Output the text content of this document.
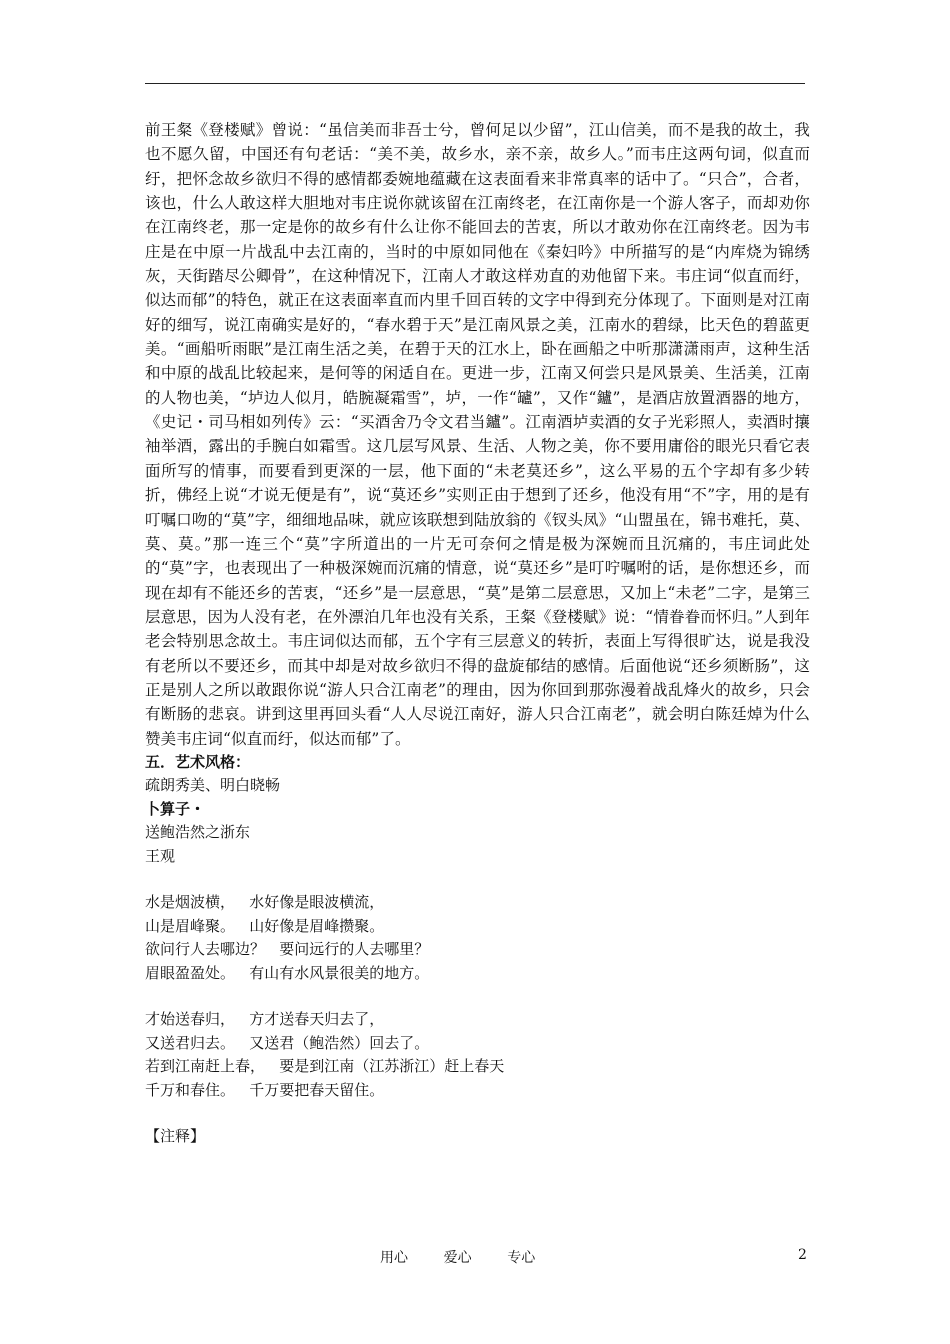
前王粲《登楼赋》曾说：“虽信美而非吾士兮，曾何足以少留”，江山信美，而不是我的故土，我也不愿久留，中国还有句老话：“美不美，故乡水，亲不亲，故乡人。”而韦庄这两句词，似直而纡，把怀念故乡欲归不得的感情都委婉地蕴藏在这表面看来非常真率的话中了。“只合”，合者，该也，什么人敢这样大胆地对韦庄说你就该留在江南终老，在江南你是一个游人客子，而却劝你在江南终老，那一定是你的故乡有什么让你不能回去的苦衷，所以才敢劝你在江南终老。因为韦庄是在中原一片战乱中去江南的，当时的中原如同他在《秦妇吟》中所描写的是“内库烧为锦绣灰，天街踏尽公卿骨”，在这种情况下，江南人才敢这样劝直的劝他留下来。韦庄词“似直而纡，似达而郁”的特色，就正在这表面率直而内里千回百转的文字中得到充分体现了。下面则是对江南好的细写，说江南确实是好的，“春水碧于天”是江南风景之美，江南水的碧绿，比天色的碧蓝更美。“画船听雨眠”是江南生活之美，在碧于天的江水上，卧在画船之中听那潇潇雨声，这种生活和中原的战乱比较起来，是何等的闲适自在。更进一步，江南又何尝只是风景美、生活美，江南的人物也美，“垆边人似月，皓腕凝霜雪”，垆，一作“罏”，又作“鑪”，是酒店放置酒器的地方，《史记・司马相如列传》云：“买酒舍乃令文君当鑪”。江南酒垆卖酒的女子光彩照人，卖酒时攘袖举酒，露出的手腕白如霜雪。这几层写风景、生活、人物之美，你不要用庸俗的眼光只看它表面所写的情事，而要看到更深的一层，他下面的“未老莫还乡”，这么平易的五个字却有多少转折，佛经上说“才说无便是有”，说“莫还乡”实则正由于想到了还乡，他没有用“不”字，用的是有叮嘱口吻的“莫”字，细细地品味，就应该联想到陆放翁的《钗头凤》“山盟虽在，锦书难托，莫、莫、莫。”那一连三个“莫”字所道出的一片无可奈何之情是极为深婉而且沉痛的，韦庄词此处的“莫”字，也表现出了一种极深婉而沉痛的情意，说“莫还乡”是叮咛嘱咐的话，是你想还乡，而现在却有不能还乡的苦衷，“还乡”是一层意思，“莫”是第二层意思，又加上“未老”二字，是第三层意思，因为人没有老，在外漂泊几年也没有关系，王粲《登楼赋》说：“情眷眷而怀归。”人到年老会特别思念故土。韦庄词似达而郁，五个字有三层意义的转折，表面上写得很旷达，说是我没有老所以不要还乡，而其中却是对故乡欲归不得的盘旋郁结的感情。后面他说“还乡须断肠”，这正是别人之所以敢跟你说“游人只合江南老”的理由，因为你回到那弥漫着战乱烽火的故乡，只会有断肠的悲哀。讲到这里再回头看“人人尽说江南好，游人只合江南老”，就会明白陈廷焯为什么赞美韦庄词“似直而纡，似达而郁”了。

五．艺术风格：
疏朗秀美、明白晓畅
卜算子・
送鲍浩然之浙东
王观
水是烟波横，   水好像是眼波横流，
山是眉峰聚。   山好像是眉峰攒聚。
欲问行人去哪边？   要问远行的人去哪里？
眉眼盈盈处。   有山有水风景很美的地方。
才始送春归，   方才送春天归去了，
又送君归去。   又送君（鲍浩然）回去了。
若到江南赶上春，   要是到江南（江苏浙江）赶上春天
千万和春住。   千万要把春天留住。
【注释】
用心        爱心        专心	2
